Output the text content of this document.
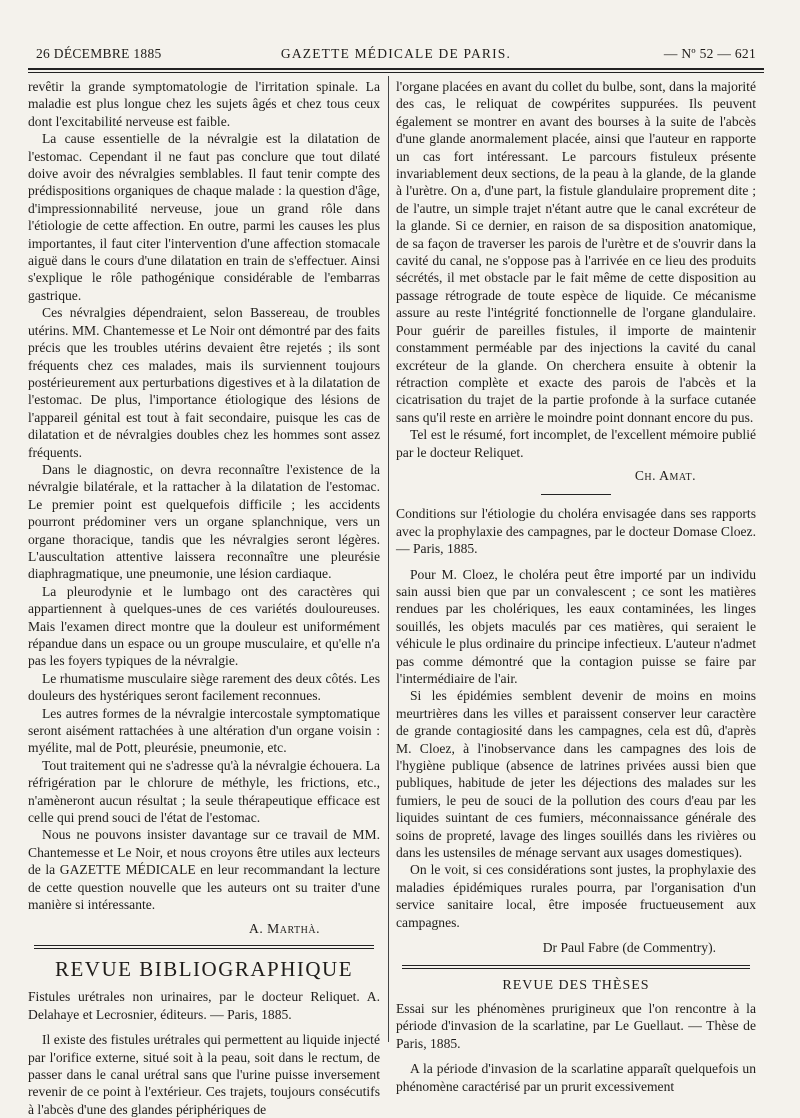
26 DÉCEMBRE 1885	GAZETTE MÉDICALE DE PARIS.	— Nº 52 — 621

revêtir la grande symptomatologie de l'irritation spinale. La maladie est plus longue chez les sujets âgés et chez tous ceux dont l'excitabilité nerveuse est faible.

La cause essentielle de la névralgie est la dilatation de l'estomac. Cependant il ne faut pas conclure que tout dilaté doive avoir des névralgies semblables. Il faut tenir compte des prédispositions organiques de chaque malade : la question d'âge, d'impressionnabilité nerveuse, joue un grand rôle dans l'étiologie de cette affection. En outre, parmi les causes les plus importantes, il faut citer l'intervention d'une affection stomacale aiguë dans le cours d'une dilatation en train de s'effectuer. Ainsi s'explique le rôle pathogénique considérable de l'embarras gastrique.

Ces névralgies dépendraient, selon Bassereau, de troubles utérins. MM. Chantemesse et Le Noir ont démontré par des faits précis que les troubles utérins devaient être rejetés ; ils sont fréquents chez ces malades, mais ils surviennent toujours postérieurement aux perturbations digestives et à la dilatation de l'estomac. De plus, l'importance étiologique des lésions de l'appareil génital est tout à fait secondaire, puisque les cas de dilatation et de névralgies doubles chez les hommes sont assez fréquents.

Dans le diagnostic, on devra reconnaître l'existence de la névralgie bilatérale, et la rattacher à la dilatation de l'estomac. Le premier point est quelquefois difficile ; les accidents pourront prédominer vers un organe splanchnique, vers un organe thoracique, tandis que les névralgies seront légères. L'auscultation attentive laissera reconnaître une pleurésie diaphragmatique, une pneumonie, une lésion cardiaque.

La pleurodynie et le lumbago ont des caractères qui appartiennent à quelques-unes de ces variétés douloureuses. Mais l'examen direct montre que la douleur est uniformément répandue dans un espace ou un groupe musculaire, et qu'elle n'a pas les foyers typiques de la névralgie.

Le rhumatisme musculaire siège rarement des deux côtés. Les douleurs des hystériques seront facilement reconnues.

Les autres formes de la névralgie intercostale symptomatique seront aisément rattachées à une altération d'un organe voisin : myélite, mal de Pott, pleurésie, pneumonie, etc.

Tout traitement qui ne s'adresse qu'à la névralgie échouera. La réfrigération par le chlorure de méthyle, les frictions, etc., n'amèneront aucun résultat ; la seule thérapeutique efficace est celle qui prend souci de l'état de l'estomac.

Nous ne pouvons insister davantage sur ce travail de MM. Chantemesse et Le Noir, et nous croyons être utiles aux lecteurs de la GAZETTE MÉDICALE en leur recommandant la lecture de cette question nouvelle que les auteurs ont su traiter d'une manière si intéressante.

A. Marthà.
REVUE BIBLIOGRAPHIQUE

Fistules urétrales non urinaires, par le docteur Reliquet. A. Delahaye et Lecrosnier, éditeurs. — Paris, 1885.

Il existe des fistules urétrales qui permettent au liquide injecté par l'orifice externe, situé soit à la peau, soit dans le rectum, de passer dans le canal urétral sans que l'urine puisse inversement revenir de ce point à l'extérieur. Ces trajets, toujours consécutifs à l'abcès d'une des glandes périphériques de

l'organe placées en avant du collet du bulbe, sont, dans la majorité des cas, le reliquat de cowpérites suppurées. Ils peuvent également se montrer en avant des bourses à la suite de l'abcès d'une glande anormalement placée, ainsi que l'auteur en rapporte un cas fort intéressant. Le parcours fistuleux présente invariablement deux sections, de la peau à la glande, de la glande à l'urètre. On a, d'une part, la fistule glandulaire proprement dite ; de l'autre, un simple trajet n'étant autre que le canal excréteur de la glande. Si ce dernier, en raison de sa disposition anatomique, de sa façon de traverser les parois de l'urètre et de s'ouvrir dans la cavité du canal, ne s'oppose pas à l'arrivée en ce lieu des produits sécrétés, il met obstacle par le fait même de cette disposition au passage rétrograde de toute espèce de liquide. Ce mécanisme assure au reste l'intégrité fonctionnelle de l'organe glandulaire. Pour guérir de pareilles fistules, il importe de maintenir constamment perméable par des injections la cavité du canal excréteur de la glande. On cherchera ensuite à obtenir la rétraction complète et exacte des parois de l'abcès et la cicatrisation du trajet de la partie profonde à la surface cutanée sans qu'il reste en arrière le moindre point donnant encore du pus.

Tel est le résumé, fort incomplet, de l'excellent mémoire publié par le docteur Reliquet.

Ch. Amat.

Conditions sur l'étiologie du choléra envisagée dans ses rapports avec la prophylaxie des campagnes, par le docteur Domase Cloez. — Paris, 1885.

Pour M. Cloez, le choléra peut être importé par un individu sain aussi bien que par un convalescent ; ce sont les matières rendues par les cholériques, les eaux contaminées, les linges souillés, les objets maculés par ces matières, qui seraient le véhicule le plus ordinaire du principe infectieux. L'auteur n'admet pas comme démontré que la contagion puisse se faire par l'intermédiaire de l'air.

Si les épidémies semblent devenir de moins en moins meurtrières dans les villes et paraissent conserver leur caractère de grande contagiosité dans les campagnes, cela est dû, d'après M. Cloez, à l'inobservance dans les campagnes des lois de l'hygiène publique (absence de latrines privées aussi bien que publiques, habitude de jeter les déjections des malades sur les fumiers, le peu de souci de la pollution des cours d'eau par les liquides suintant de ces fumiers, méconnaissance générale des soins de propreté, lavage des linges souillés dans les rivières ou dans les ustensiles de ménage servant aux usages domestiques).

On le voit, si ces considérations sont justes, la prophylaxie des maladies épidémiques rurales pourra, par l'organisation d'un service sanitaire local, être imposée fructueusement aux campagnes.

Dr Paul Fabre (de Commentry).
REVUE DES THÈSES

Essai sur les phénomènes prurigineux que l'on rencontre à la période d'invasion de la scarlatine, par Le Guellaut. — Thèse de Paris, 1885.

A la période d'invasion de la scarlatine apparaît quelquefois un phénomène caractérisé par un prurit excessivement
